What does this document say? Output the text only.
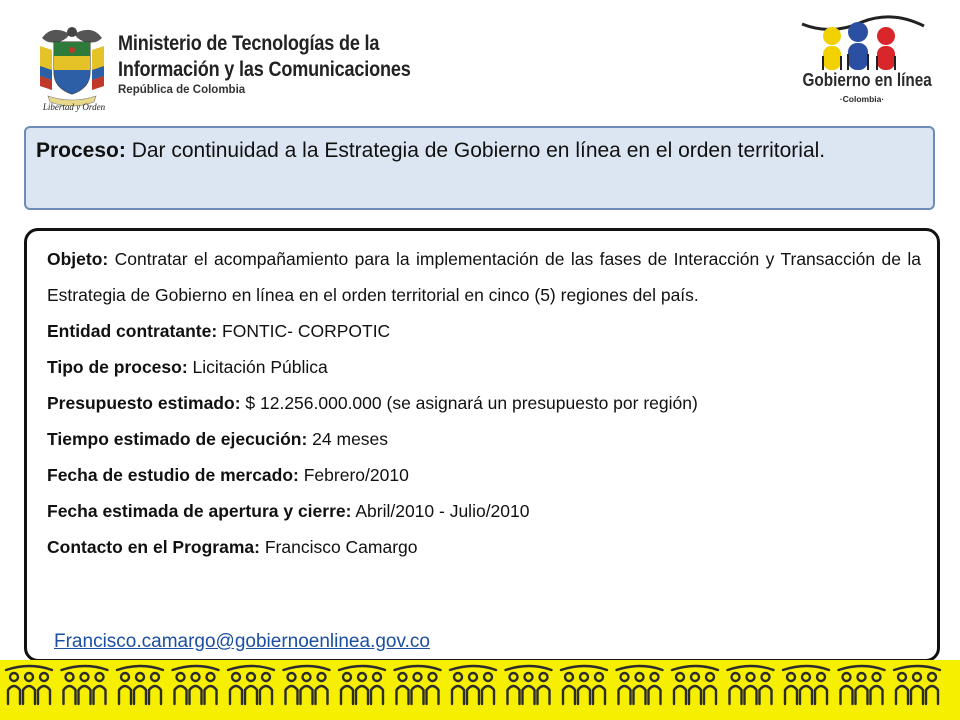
Libertad y Orden
Ministerio de Tecnologías de la
Información y las Comunicaciones
República de Colombia	Gobierno en línea
·Colombia·
Proceso: Dar continuidad a la Estrategia de Gobierno en línea en el orden territorial.
Objeto: Contratar el acompañamiento para la implementación de las fases de Interacción y Transacción de la Estrategia de Gobierno en línea en el orden territorial en cinco (5) regiones del país.
Entidad contratante: FONTIC- CORPOTIC
Tipo de proceso: Licitación Pública
Presupuesto estimado: $ 12.256.000.000 (se asignará un presupuesto por región)
Tiempo estimado de ejecución: 24 meses
Fecha de estudio de mercado: Febrero/2010
Fecha estimada de apertura y cierre: Abril/2010 - Julio/2010
Contacto en el Programa: Francisco Camargo
Francisco.camargo@gobiernoenlinea.gov.co
